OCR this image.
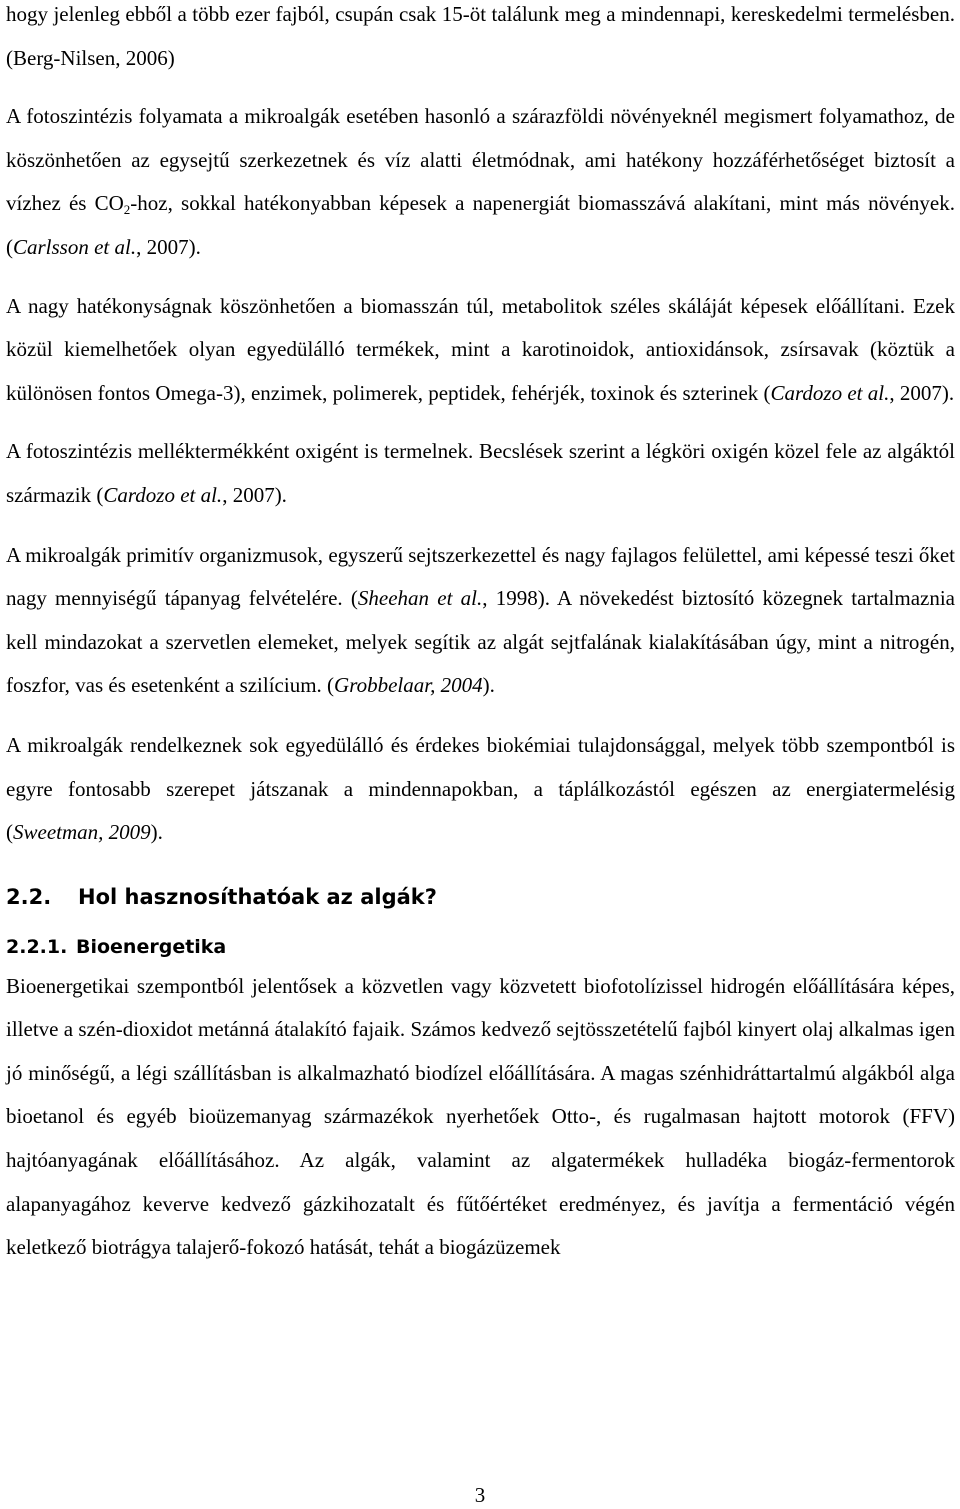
hogy jelenleg ebből a több ezer fajból, csupán csak 15-öt találunk meg a mindennapi, kereskedelmi termelésben. (Berg-Nilsen, 2006)

A fotoszintézis folyamata a mikroalgák esetében hasonló a szárazföldi növényeknél megismert folyamathoz, de köszönhetően az egysejtű szerkezetnek és víz alatti életmódnak, ami hatékony hozzáférhetőséget biztosít a vízhez és $CO_2$-hoz, sokkal hatékonyabban képesek a napenergiát biomasszává alakítani, mint más növények. (Carlsson et al., 2007).

A nagy hatékonyságnak köszönhetően a biomasszán túl, metabolitok széles skáláját képesek előállítani. Ezek közül kiemelhetőek olyan egyedülálló termékek, mint a karotinoidok, antioxidánsok, zsírsavak (köztük a különösen fontos Omega-3), enzimek, polimerek, peptidek, fehérjék, toxinok és szterinek (Cardozo et al., 2007).

A fotoszintézis melléktermékként oxigént is termelnek. Becslések szerint a légköri oxigén közel fele az algáktól származik (Cardozo et al., 2007).

A mikroalgák primitív organizmusok, egyszerű sejtszerkezettel és nagy fajlagos felülettel, ami képessé teszi őket nagy mennyiségű tápanyag felvételére. (Sheehan et al., 1998). A növekedést biztosító közegnek tartalmaznia kell mindazokat a szervetlen elemeket, melyek segítik az algát sejtfalának kialakításában úgy, mint a nitrogén, foszfor, vas és esetenként a szilícium. (Grobbelaar, 2004).

A mikroalgák rendelkeznek sok egyedülálló és érdekes biokémiai tulajdonsággal, melyek több szempontból is egyre fontosabb szerepet játszanak a mindennapokban, a táplálkozástól egészen az energiatermelésig (Sweetman, 2009).

2.2. Hol hasznosíthatóak az algák?
2.2.1. Bioenergetika

Bioenergetikai szempontból jelentősek a közvetlen vagy közvetett biofotolízissel hidrogén előállítására képes, illetve a szén-dioxidot metánná átalakító fajaik. Számos kedvező sejtösszetételű fajból kinyert olaj alkalmas igen jó minőségű, a légi szállításban is alkalmazható biodízel előállítására. A magas szénhidráttartalmú algákból alga bioetanol és egyéb bioüzemanyag származékok nyerhetőek Otto-, és rugalmasan hajtott motorok (FFV) hajtóanyagának előállításához. Az algák, valamint az algatermékek hulladéka biogáz-fermentorok alapanyagához keverve kedvező gázkihozatalt és fűtőértéket eredményez, és javítja a fermentáció végén keletkező biotrágya talajerő-fokozó hatását, tehát a biogázüzemek

3
